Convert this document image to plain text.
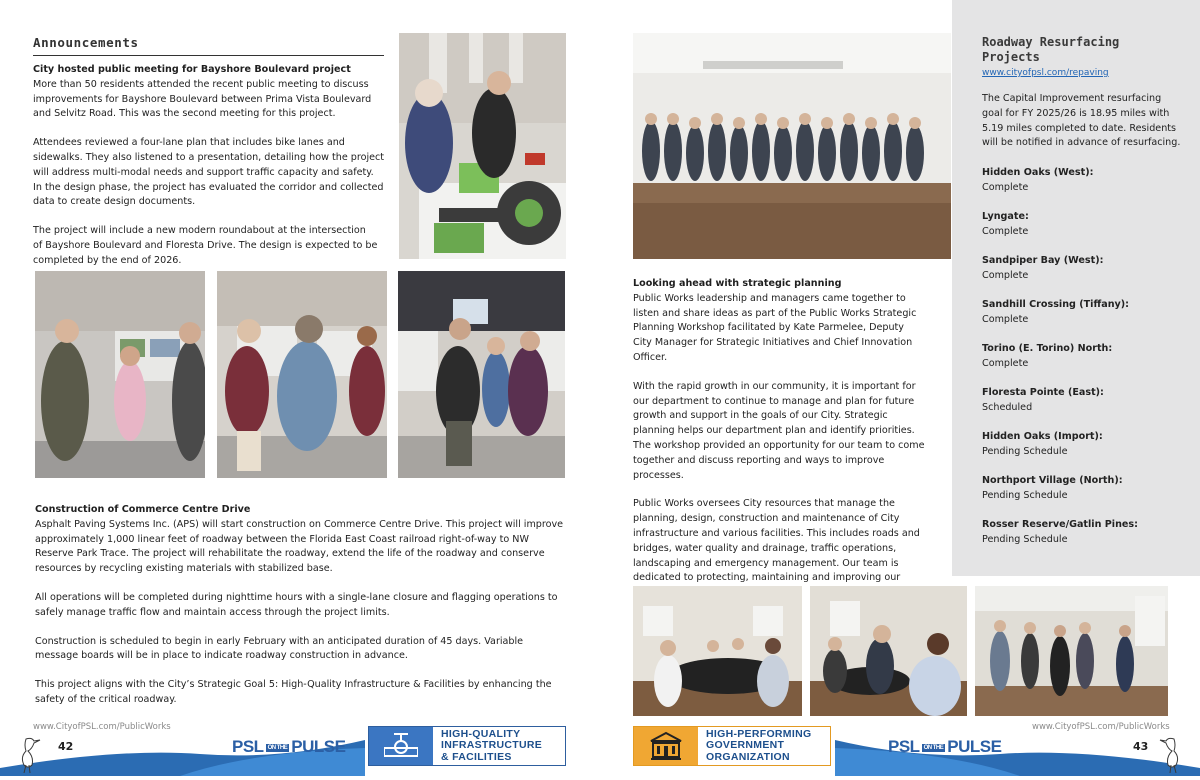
Announcements
City hosted public meeting for Bayshore Boulevard project

More than 50 residents attended the recent public meeting to discuss improvements for Bayshore Boulevard between Prima Vista Boulevard and Selvitz Road. This was the second meeting for this project.

Attendees reviewed a four-lane plan that includes bike lanes and

sidewalks. They also listened to a presentation, detailing how the project

will address multi-modal needs and support traffic capacity and safety.

In the design phase, the project has evaluated the corridor and collected

data to create design documents.

The project will include a new modern roundabout at the intersection

of Bayshore Boulevard and Floresta Drive. The design is expected to be

completed by the end of 2026.

Construction of Commerce Centre Drive

Asphalt Paving Systems Inc. (APS) will start construction on Commerce Centre Drive. This project will improve approximately 1,000 linear feet of roadway between the Florida East Coast railroad right-of-way to NW Reserve Park Trace. The project will rehabilitate the roadway, extend the life of the roadway and conserve resources by recycling existing materials with stabilized base.

All operations will be completed during nighttime hours with a single-lane closure and flagging operations to safely manage traffic flow and maintain access through the project limits.

Construction is scheduled to begin in early February with an anticipated duration of 45 days. Variable message boards will be in place to indicate roadway construction in advance.

This project aligns with the City’s Strategic Goal 5: High-Quality Infrastructure & Facilities by enhancing the safety of the critical roadway.

www.CityofPSL.com/PublicWorks
42	PSL ON THE PULSE
HIGH-QUALITY
INFRASTRUCTURE
& FACILITIES
Looking ahead with strategic planning

Public Works leadership and managers came together to listen and share ideas as part of the Public Works Strategic Planning Workshop facilitated by Kate Parmelee, Deputy City Manager for Strategic Initiatives and Chief Innovation Officer.

With the rapid growth in our community, it is important for our department to continue to manage and plan for future growth and support in the goals of our City. Strategic planning helps our department plan and identify priorities. The workshop provided an opportunity for our team to come together and discuss reporting and ways to improve processes.

Public Works oversees City resources that manage the planning, design, construction and maintenance of City infrastructure and various facilities. This includes roads and bridges, water quality and drainage, traffic operations, landscaping and emergency management. Our team is dedicated to protecting, maintaining and improving our

Roadway Resurfacing Projects
www.cityofpsl.com/repaving
The Capital Improvement resurfacing goal for FY 2025/26 is 18.95 miles with 5.19 miles completed to date. Residents will be notified in advance of resurfacing.
Hidden Oaks (West):
Complete
Lyngate:
Complete
Sandpiper Bay (West):
Complete
Sandhill Crossing (Tiffany):
Complete
Torino (E. Torino) North:
Complete
Floresta Pointe (East):
Scheduled
Hidden Oaks (Import):
Pending Schedule
Northport Village (North):
Pending Schedule
Rosser Reserve/Gatlin Pines:
Pending Schedule
www.CityofPSL.com/PublicWorks
43
PSL ON THE PULSE
HIGH-PERFORMING
GOVERNMENT
ORGANIZATION
